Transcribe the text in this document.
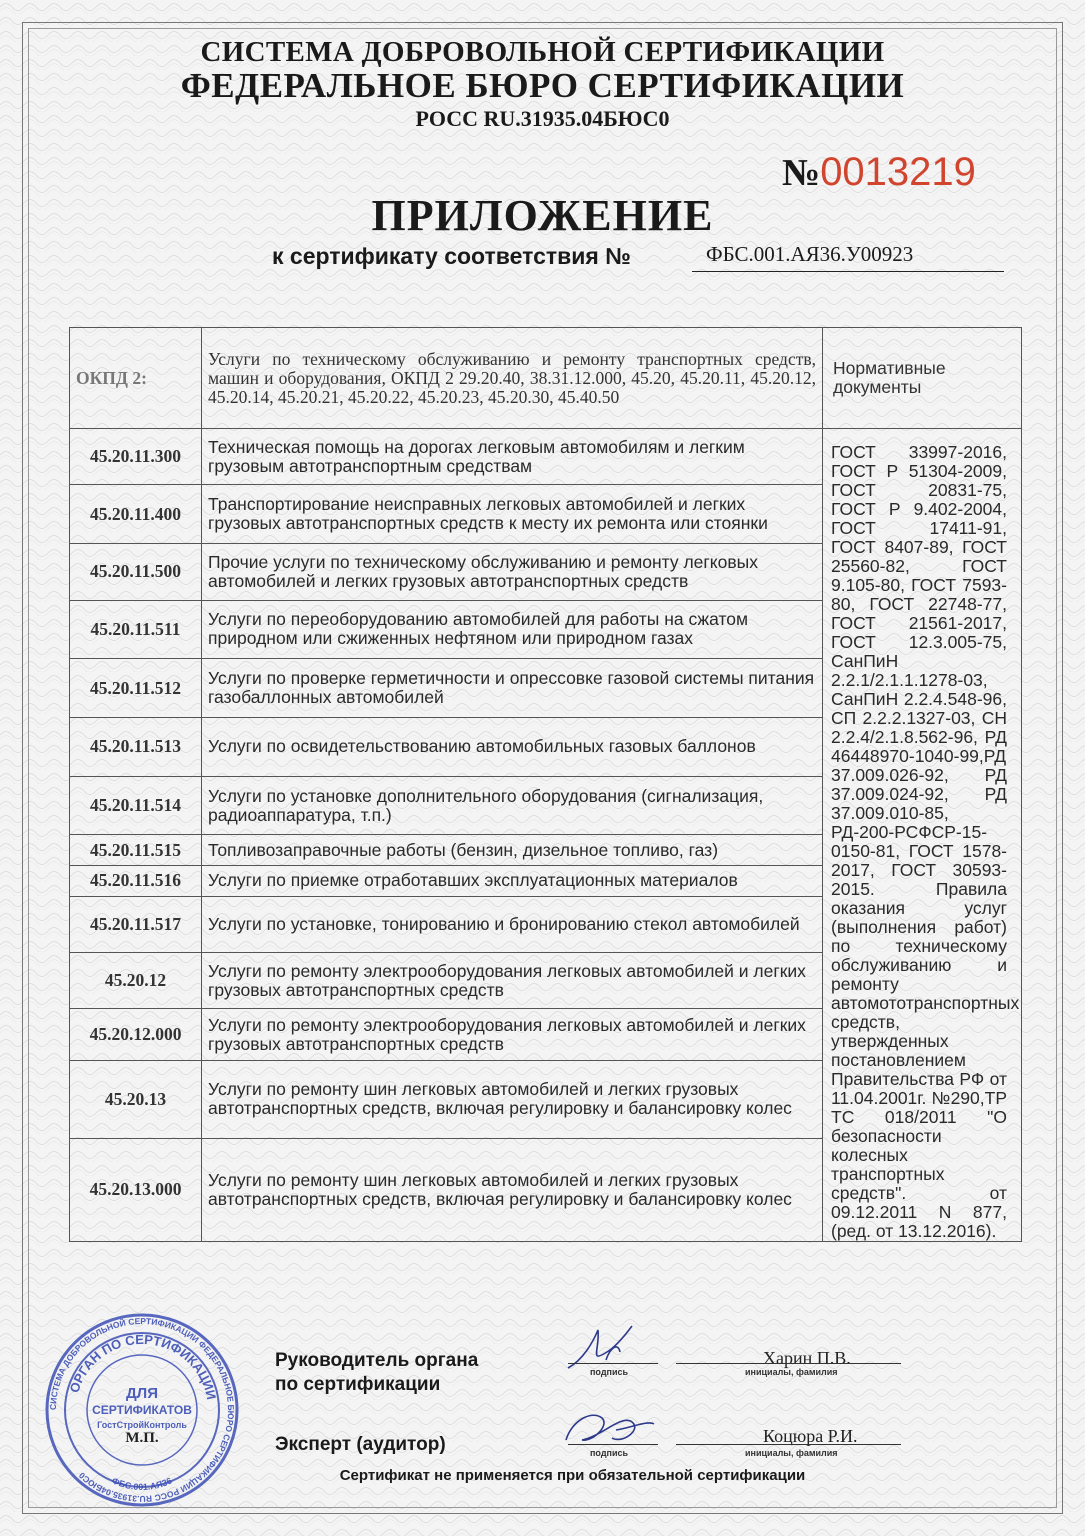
СИСТЕМА ДОБРОВОЛЬНОЙ СЕРТИФИКАЦИИ
ФЕДЕРАЛЬНОЕ БЮРО СЕРТИФИКАЦИИ
РОСС RU.31935.04БЮС0
№0013219
ПРИЛОЖЕНИЕ
к сертификату соответствия №	ФБС.001.АЯ36.У00923
ОКПД 2:	Услуги по техническому обслуживанию и ремонту транспортных средств, машин и оборудования, ОКПД 2 29.20.40, 38.31.12.000, 45.20, 45.20.11, 45.20.12, 45.20.14, 45.20.21, 45.20.22, 45.20.23, 45.20.30, 45.40.50	Нормативные документы
45.20.11.300	Техническая помощь на дорогах легковым автомобилям и легким грузовым автотранспортным средствам	ГОСТ 33997-2016, ГОСТ Р 51304-2009, ГОСТ 20831-75, ГОСТ Р 9.402-2004, ГОСТ 17411-91, ГОСТ 8407-89, ГОСТ 25560-82, ГОСТ 9.105-80, ГОСТ 7593-80, ГОСТ 22748-77, ГОСТ 21561-2017, ГОСТ 12.3.005-75, СанПиН 2.2.1/2.1.1.1278-03, СанПиН 2.2.4.548-96, СП 2.2.2.1327-03, СН 2.2.4/2.1.8.562-96, РД 46448970-1040-99,РД 37.009.026-92, РД 37.009.024-92, РД 37.009.010-85, РД-200-РСФСР-15-0150-81, ГОСТ 1578-2017, ГОСТ 30593-2015. Правила оказания услуг (выполнения работ) по техническому обслуживанию и ремонту автомототранспортных средств, утвержденных постановлением Правительства РФ от 11.04.2001г. №290,ТР ТС 018/2011 "О безопасности колесных транспортных средств". от 09.12.2011 N 877, (ред. от 13.12.2016).
45.20.11.400	Транспортирование неисправных легковых автомобилей и легких грузовых автотранспортных средств к месту их ремонта или стоянки	
45.20.11.500	Прочие услуги по техническому обслуживанию и ремонту легковых автомобилей и легких грузовых автотранспортных средств	
45.20.11.511	Услуги по переоборудованию автомобилей для работы на сжатом природном или сжиженных нефтяном или природном газах	
45.20.11.512	Услуги по проверке герметичности и опрессовке газовой системы питания газобаллонных автомобилей	
45.20.11.513	Услуги по освидетельствованию автомобильных газовых баллонов	
45.20.11.514	Услуги по установке дополнительного оборудования (сигнализация, радиоаппаратура, т.п.)	
45.20.11.515	Топливозаправочные работы (бензин, дизельное топливо, газ)	
45.20.11.516	Услуги по приемке отработавших эксплуатационных материалов	
45.20.11.517	Услуги по установке, тонированию и бронированию стекол автомобилей	
45.20.12	Услуги по ремонту электрооборудования легковых автомобилей и легких грузовых автотранспортных средств	
45.20.12.000	Услуги по ремонту электрооборудования легковых автомобилей и легких грузовых автотранспортных средств	
45.20.13	Услуги по ремонту шин легковых автомобилей и легких грузовых автотранспортных средств, включая регулировку и балансировку колес	
45.20.13.000	Услуги по ремонту шин легковых автомобилей и легких грузовых автотранспортных средств, включая регулировку и балансировку колес	
СИСТЕМА ДОБРОВОЛЬНОЙ СЕРТИФИКАЦИИ ФЕДЕРАЛЬНОЕ БЮРО СЕРТИФИКАЦИИ РОСС RU.31935.04БЮС0
ОРГАН ПО СЕРТИФИКАЦИИ
ФБС.001.АЯ36
ДЛЯ
СЕРТИФИКАТОВ
ГостСтройКонтроль
М.П.
Руководитель органа
по сертификации
подпись
Харин П.В.
инициалы, фамилия
Эксперт (аудитор)	подпись
Коцюра Р.И.
инициалы, фамилия
Сертификат не применяется при обязательной сертификации
